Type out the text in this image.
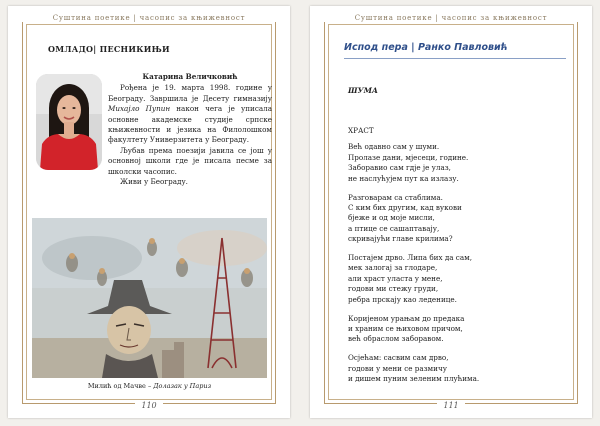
Суштина поетике | часопис за књижевност
ОМЛАДО| ПЕСНИКИЊИ

Катарина Величковић

Рођена је 19. марта 1998. године у Београду. Завршила је Десету гимназију Михајло Пупин након чега је уписала основне академске студије српске књижевности и језика на Филолошком факултету Универзитета у Београду.

Љубав према поезији јавила се још у основној школи где је писала песме за школски часопис.

Живи у Београду.

Милић од Мачве – Долазак у Париз
110
Суштина поетике | часопис за књижевност
Испод пера | Ранко Павловић
ШУМА

ХРАСТ

Већ одавно сам у шуми.
Пролазе дани, мјесеци, године.
Заборавио сам гдје је улаз,
не наслућујем пут ка излазу.

Разговарам са стаблима.
С ким бих другим, кад вукови
бјеже и од моје мисли,
а птице се сашаптавају,
скривајући главе крилима?

Постајем дрво. Липа бих да сам,
мек залогај за глодаре,
али храст уласта у мене,
годови ми стежу груди,
ребра прскају као леденице.

Коријеном урањам до предака
и храним се њиховом причом,
већ обраслом заборавом.

Осјећам: сасвим сам дрво,
годови у мени се размичу
и дишем пуним зеленим плућима.

111
